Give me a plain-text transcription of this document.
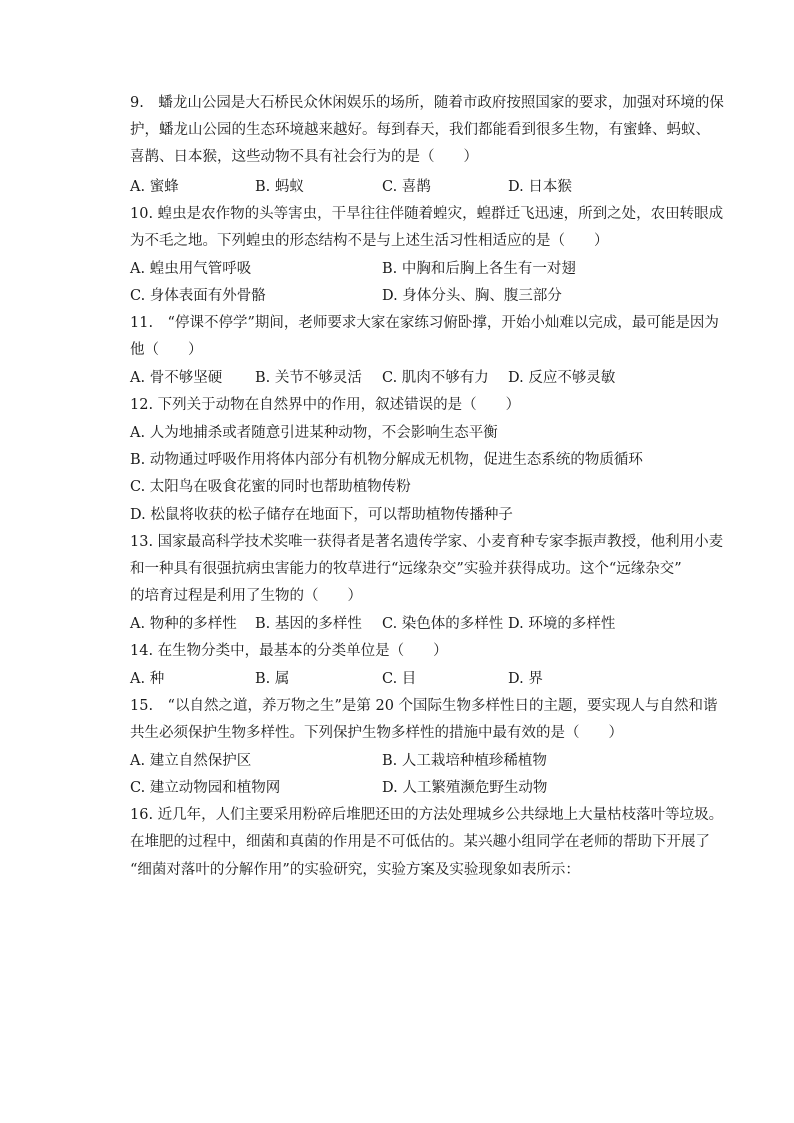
9.　蟠龙山公园是大石桥民众休闲娱乐的场所，随着市政府按照国家的要求，加强对环境的保

护，蟠龙山公园的生态环境越来越好。每到春天，我们都能看到很多生物，有蜜蜂、蚂蚁、

喜鹊、日本猴，这些动物不具有社会行为的是（　　）

A. 蜜蜂	B. 蚂蚁	C. 喜鹊	D. 日本猴

10. 蝗虫是农作物的头等害虫，干旱往往伴随着蝗灾，蝗群迁飞迅速，所到之处，农田转眼成

为不毛之地。下列蝗虫的形态结构不是与上述生活习性相适应的是（　　）

A. 蝗虫用气管呼吸	B. 中胸和后胸上各生有一对翅
C. 身体表面有外骨骼	D. 身体分头、胸、腹三部分

11.　“停课不停学”期间，老师要求大家在家练习俯卧撑，开始小灿难以完成，最可能是因为

他（　　）

A. 骨不够坚硬 B. 关节不够灵活 C. 肌肉不够有力 D. 反应不够灵敏

12. 下列关于动物在自然界中的作用，叙述错误的是（　　）

A. 人为地捕杀或者随意引进某种动物，不会影响生态平衡
B. 动物通过呼吸作用将体内部分有机物分解成无机物，促进生态系统的物质循环
C. 太阳鸟在吸食花蜜的同时也帮助植物传粉
D. 松鼠将收获的松子储存在地面下，可以帮助植物传播种子

13. 国家最高科学技术奖唯一获得者是著名遗传学家、小麦育种专家李振声教授，他利用小麦

和一种具有很强抗病虫害能力的牧草进行“远缘杂交”实验并获得成功。这个“远缘杂交”

的培育过程是利用了生物的（　　）

A. 物种的多样性 B. 基因的多样性 C. 染色体的多样性 D. 环境的多样性

14. 在生物分类中，最基本的分类单位是（　　）

A. 种	B. 属	C. 目	D. 界

15.　“以自然之道，养万物之生”是第 20 个国际生物多样性日的主题，要实现人与自然和谐

共生必须保护生物多样性。下列保护生物多样性的措施中最有效的是（　　）

A. 建立自然保护区	B. 人工栽培种植珍稀植物
C. 建立动物园和植物网	D. 人工繁殖濒危野生动物

16. 近几年，人们主要采用粉碎后堆肥还田的方法处理城乡公共绿地上大量枯枝落叶等垃圾。

在堆肥的过程中，细菌和真菌的作用是不可低估的。某兴趣小组同学在老师的帮助下开展了

“细菌对落叶的分解作用”的实验研究，实验方案及实验现象如表所示：
